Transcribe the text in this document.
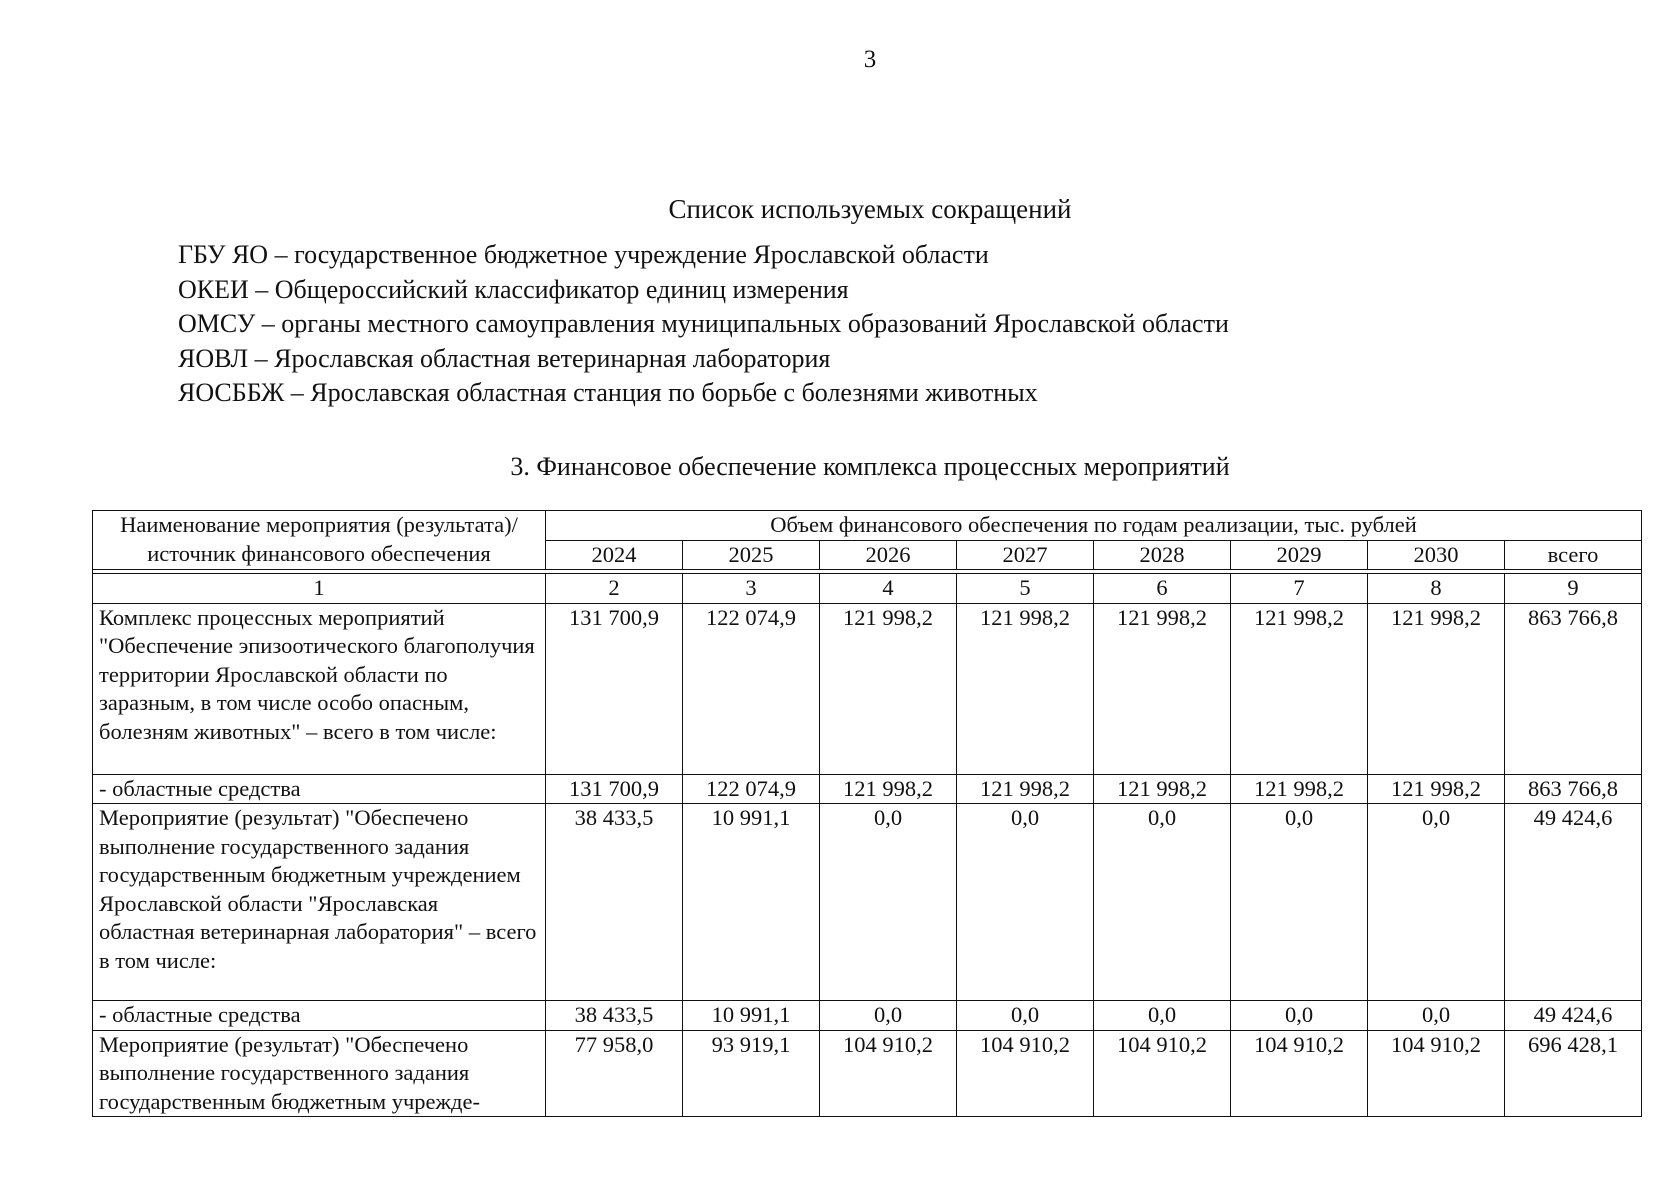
3
Список используемых сокращений
ГБУ ЯО – государственное бюджетное учреждение Ярославской области
ОКЕИ – Общероссийский классификатор единиц измерения
ОМСУ – органы местного самоуправления муниципальных образований Ярославской области
ЯОВЛ – Ярославская областная ветеринарная лаборатория
ЯОСББЖ – Ярославская областная станция по борьбе с болезнями животных
3. Финансовое обеспечение комплекса процессных мероприятий
Наименование мероприятия (результата)/ источник финансового обеспечения	Объем финансового обеспечения по годам реализации, тыс. рублей							
	2024	2025	2026	2027	2028	2029	2030	всего

1	2	3	4	5	6	7	8	9
Комплекс процессных мероприятий "Обеспечение эпизоотического благополучия территории Ярославской области по заразным, в том числе особо опасным, болезням животных" – всего в том числе:	131 700,9	122 074,9	121 998,2	121 998,2	121 998,2	121 998,2	121 998,2	863 766,8
- областные средства	131 700,9	122 074,9	121 998,2	121 998,2	121 998,2	121 998,2	121 998,2	863 766,8
Мероприятие (результат) "Обеспечено выполнение государственного задания государственным бюджетным учреждением Ярославской области "Ярославская областная ветеринарная лаборатория" – всего в том числе:	38 433,5	10 991,1	0,0	0,0	0,0	0,0	0,0	49 424,6
- областные средства	38 433,5	10 991,1	0,0	0,0	0,0	0,0	0,0	49 424,6
Мероприятие (результат) "Обеспечено выполнение государственного задания государственным бюджетным учрежде-	77 958,0	93 919,1	104 910,2	104 910,2	104 910,2	104 910,2	104 910,2	696 428,1
